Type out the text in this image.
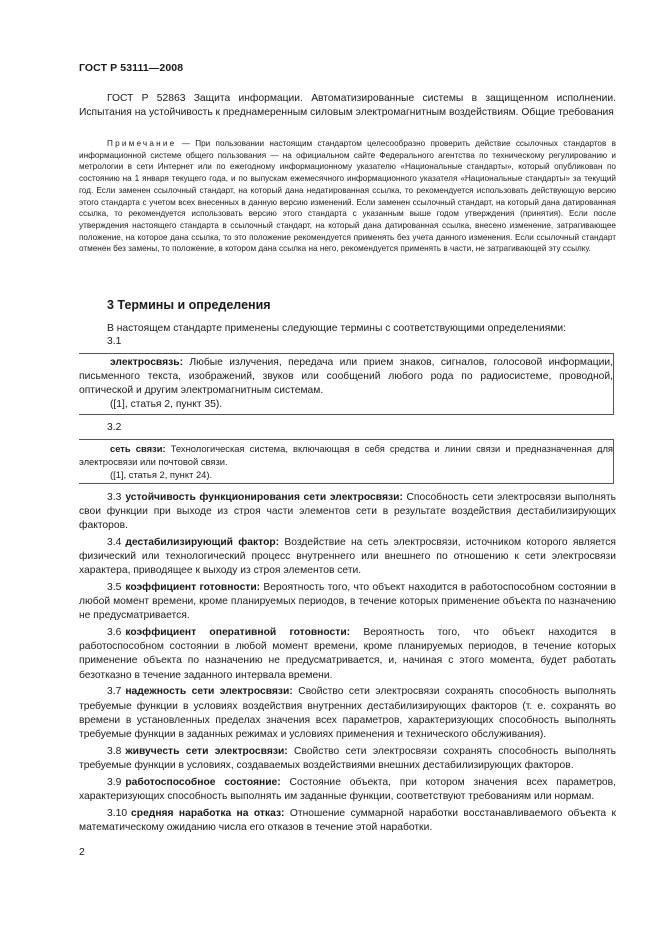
ГОСТ Р 53111—2008
ГОСТ Р 52863 Защита информации. Автоматизированные системы в защищенном исполнении. Испытания на устойчивость к преднамеренным силовым электромагнитным воздействиям. Общие требования
Примечание — При пользовании настоящим стандартом целесообразно проверить действие ссылочных стандартов в информационной системе общего пользования — на официальном сайте Федерального агентства по техническому регулированию и метрологии в сети Интернет или по ежегодному информационному указателю «Национальные стандарты», который опубликован по состоянию на 1 января текущего года, и по выпускам ежемесячного информационного указателя «Национальные стандарты» за текущий год. Если заменен ссылочный стандарт, на который дана недатированная ссылка, то рекомендуется использовать действующую версию этого стандарта с учетом всех внесенных в данную версию изменений. Если заменен ссылочный стандарт, на который дана датированная ссылка, то рекомендуется использовать версию этого стандарта с указанным выше годом утверждения (принятия). Если после утверждения настоящего стандарта в ссылочный стандарт, на который дана датированная ссылка, внесено изменение, затрагивающее положение, на которое дана ссылка, то это положение рекомендуется применять без учета данного изменения. Если ссылочный стандарт отменен без замены, то положение, в котором дана ссылка на него, рекомендуется применять в части, не затрагивающей эту ссылку.
3 Термины и определения
В настоящем стандарте применены следующие термины с соответствующими определениями:
3.1
электросвязь: Любые излучения, передача или прием знаков, сигналов, голосовой информации, письменного текста, изображений, звуков или сообщений любого рода по радиосистеме, проводной, оптической и другим электромагнитным системам.
([1], статья 2, пункт 35).
3.2
сеть связи: Технологическая система, включающая в себя средства и линии связи и предназначенная для электросвязи или почтовой связи.
([1], статья 2, пункт 24).

3.3 устойчивость функционирования сети электросвязи: Способность сети электросвязи выполнять свои функции при выходе из строя части элементов сети в результате воздействия дестабилизирующих факторов.

3.4 дестабилизирующий фактор: Воздействие на сеть электросвязи, источником которого является физический или технологический процесс внутреннего или внешнего по отношению к сети электросвязи характера, приводящее к выходу из строя элементов сети.

3.5 коэффициент готовности: Вероятность того, что объект находится в работоспособном состоянии в любой момент времени, кроме планируемых периодов, в течение которых применение объекта по назначению не предусматривается.

3.6 коэффициент оперативной готовности: Вероятность того, что объект находится в работоспособном состоянии в любой момент времени, кроме планируемых периодов, в течение которых применение объекта по назначению не предусматривается, и, начиная с этого момента, будет работать безотказно в течение заданного интервала времени.

3.7 надежность сети электросвязи: Свойство сети электросвязи сохранять способность выполнять требуемые функции в условиях воздействия внутренних дестабилизирующих факторов (т. е. сохранять во времени в установленных пределах значения всех параметров, характеризующих способность выполнять требуемые функции в заданных режимах и условиях применения и технического обслуживания).

3.8 живучесть сети электросвязи: Свойство сети электросвязи сохранять способность выполнять требуемые функции в условиях, создаваемых воздействиями внешних дестабилизирующих факторов.

3.9 работоспособное состояние: Состояние объекта, при котором значения всех параметров, характеризующих способность выполнять им заданные функции, соответствуют требованиям или нормам.

3.10 средняя наработка на отказ: Отношение суммарной наработки восстанавливаемого объекта к математическому ожиданию числа его отказов в течение этой наработки.

2
